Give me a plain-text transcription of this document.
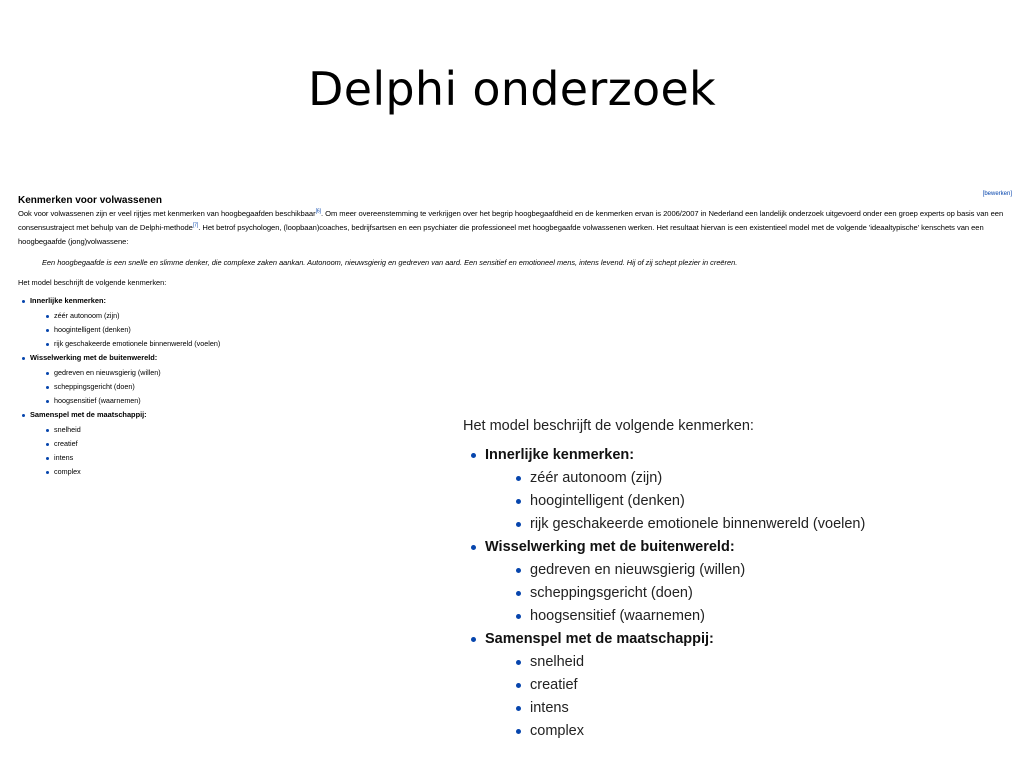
Delphi onderzoek
Kenmerken voor volwassenen
[bewerken]
Ook voor volwassenen zijn er veel rijtjes met kenmerken van hoogbegaafden beschikbaar[6]. Om meer overeenstemming te verkrijgen over het begrip hoogbegaafdheid en de kenmerken ervan is 2006/2007 in Nederland een landelijk onderzoek uitgevoerd onder een groep experts op basis van een consensustraject met behulp van de Delphi-methode[7]. Het betrof psychologen, (loopbaan)coaches, bedrijfsartsen en een psychiater die professioneel met hoogbegaafde volwassenen werken. Het resultaat hiervan is een existentieel model met de volgende 'ideaaltypische' kenschets van een hoogbegaafde (jong)volwassene:
Een hoogbegaafde is een snelle en slimme denker, die complexe zaken aankan. Autonoom, nieuwsgierig en gedreven van aard. Een sensitief en emotioneel mens, intens levend. Hij of zij schept plezier in creëren.
Het model beschrijft de volgende kenmerken:
Innerlijke kenmerken:
zéér autonoom (zijn)
hoogintelligent (denken)
rijk geschakeerde emotionele binnenwereld (voelen)
Wisselwerking met de buitenwereld:
gedreven en nieuwsgierig (willen)
scheppingsgericht (doen)
hoogsensitief (waarnemen)
Samenspel met de maatschappij:
snelheid
creatief
intens
complex
Het model beschrijft de volgende kenmerken:
Innerlijke kenmerken:
zéér autonoom (zijn)
hoogintelligent (denken)
rijk geschakeerde emotionele binnenwereld (voelen)
Wisselwerking met de buitenwereld:
gedreven en nieuwsgierig (willen)
scheppingsgericht (doen)
hoogsensitief (waarnemen)
Samenspel met de maatschappij:
snelheid
creatief
intens
complex
